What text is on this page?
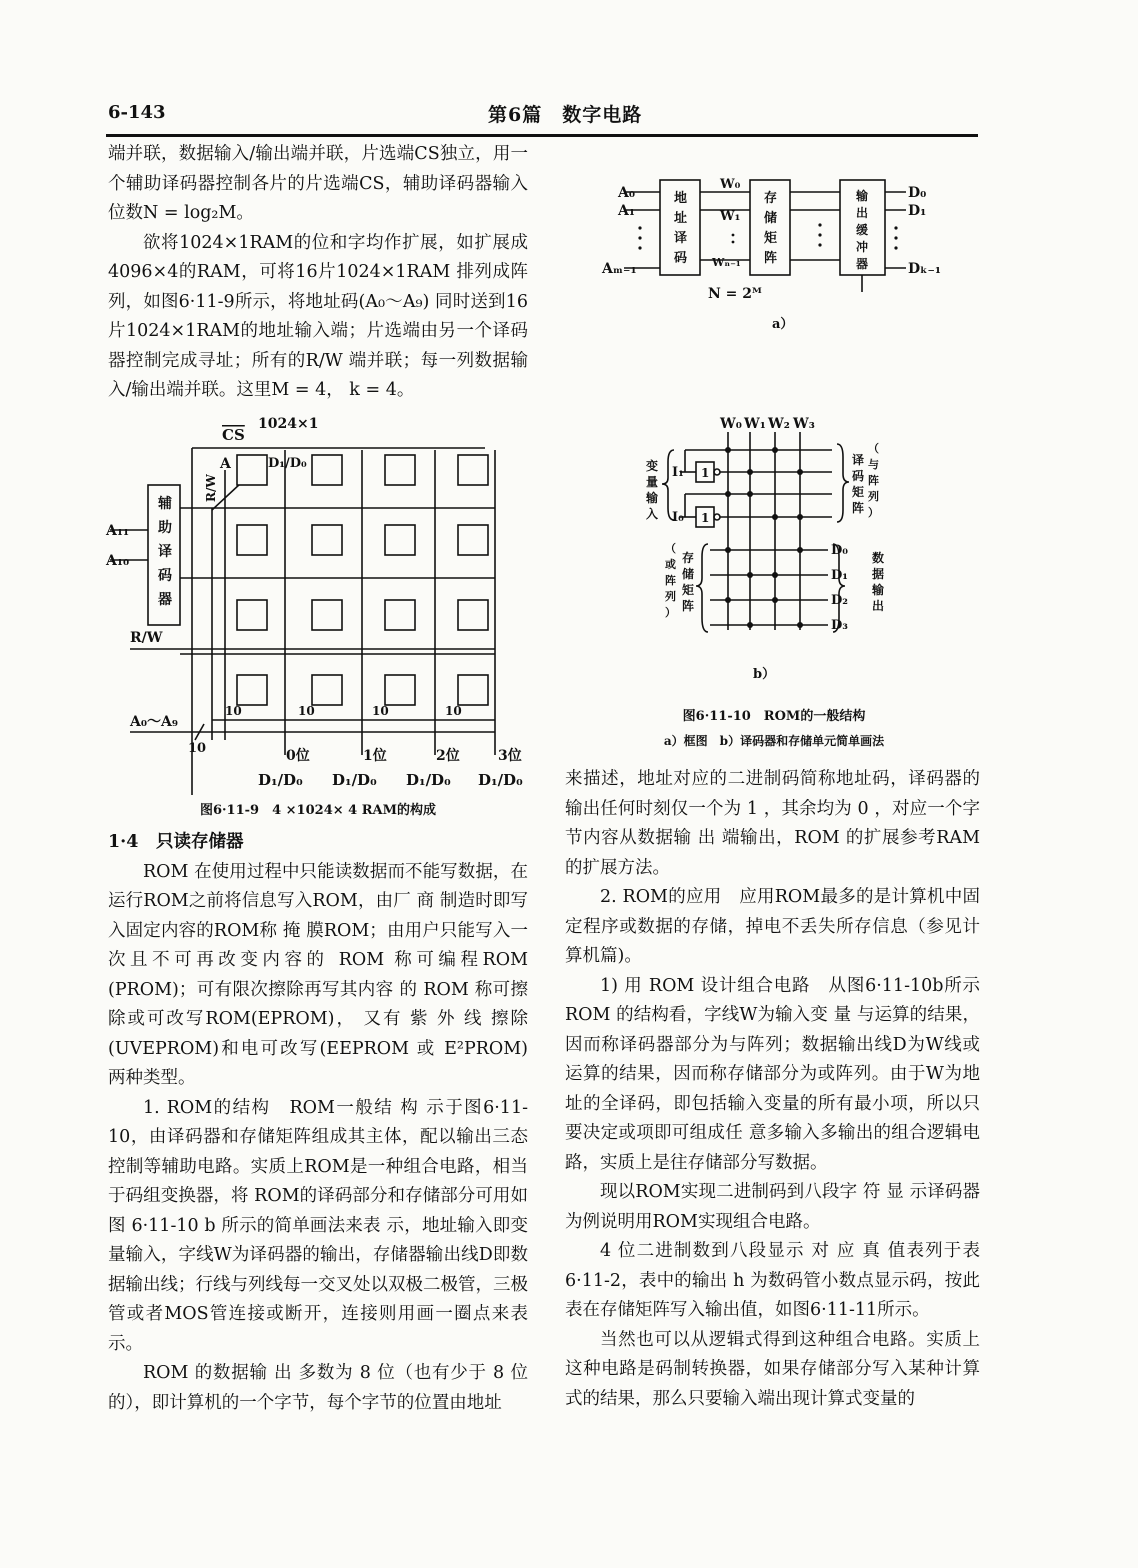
6-143	第6篇　数字电路

端并联，数据输入/输出端并联，片选端CS独立，用一个辅助译码器控制各片的片选端CS，辅助译码器输入位数N = log₂M。

欲将1024×1RAM的位和字均作扩展，如扩展成4096×4的RAM，可将16片1024×1RAM 排列成阵列，如图6·11-9所示，将地址码(A₀～A₉) 同时送到16片1024×1RAM的地址输入端；片选端由另一个译码器控制完成寻址；所有的R/W 端并联；每一列数据输入/输出端并联。这里M = 4， k = 4。

CS
1024×1
A	D₁/D₀
R/W
辅
助
译
码
器
A₁₁
A₁₀
R/W
A₀～A₉
10
10	10	10	10
0位	1位	2位	3位
D₁/D₀ D₁/D₀ D₁/D₀ D₁/D₀
图6·11-9　4 ×1024× 4 RAM的构成

1·4　只读存储器

ROM 在使用过程中只能读数据而不能写数据，在运行ROM之前将信息写入ROM，由厂 商 制造时即写入固定内容的ROM称 掩 膜ROM；由用户只能写入一次且不可再改变内容的 ROM 称可编程ROM (PROM)；可有限次擦除再写其内容 的 ROM 称可擦除或可改写ROM(EPROM)， 又有 紫 外 线 擦除 (UVEPROM)和电可改写(EEPROM 或 E²PROM) 两种类型。

1. ROM的结构　ROM一般结 构 示于图6·11-10，由译码器和存储矩阵组成其主体，配以输出三态控制等辅助电路。实质上ROM是一种组合电路，相当于码组变换器，将 ROM的译码部分和存储部分可用如图 6·11-10 b 所示的简单画法来表 示，地址输入即变量输入，字线W为译码器的输出，存储器输出线D即数据输出线；行线与列线每一交叉处以双极二极管，三极管或者MOS管连接或断开，连接则用画一圈点来表示。

ROM 的数据输 出 多数为 8 位（也有少于 8 位的），即计算机的一个字节，每个字节的位置由地址

A₀
A₁
Aₘ₋₁
地
址
译
码
存
储
矩
阵
输
出
缓
冲
器
W₀
W₁
Wₙ₋₁
D₀
D₁
Dₖ₋₁
N = 2ᴹ
a）
W₀ W₁ W₂ W₃
I₁
I₀
1
1
变
量
输
入
译
码
矩
阵
（
与
阵
列
）
存
储
矩
阵
（
或
阵
列
）
数
据
输
出
D₀
D₁
D₂
D₃
b）
图6·11-10　ROM的一般结构
a）框图　b）译码器和存储单元简单画法

来描述，地址对应的二进制码简称地址码，译码器的输出任何时刻仅一个为 1 ，其余均为 0 ，对应一个字节内容从数据输 出 端输出，ROM 的扩展参考RAM的扩展方法。

2. ROM的应用　应用ROM最多的是计算机中固定程序或数据的存储，掉电不丢失所存信息（参见计算机篇)。

1) 用 ROM 设计组合电路　从图6·11-10b所示ROM 的结构看，字线W为输入变 量 与运算的结果，因而称译码器部分为与阵列；数据输出线D为W线或运算的结果，因而称存储部分为或阵列。由于W为地址的全译码，即包括输入变量的所有最小项，所以只要决定或项即可组成任 意多输入多输出的组合逻辑电路，实质上是往存储部分写数据。

现以ROM实现二进制码到八段字 符 显 示译码器为例说明用ROM实现组合电路。

4 位二进制数到八段显示 对 应 真 值表列于表6·11-2，表中的输出 h 为数码管小数点显示码，按此表在存储矩阵写入输出值，如图6·11-11所示。

当然也可以从逻辑式得到这种组合电路。实质上这种电路是码制转换器，如果存储部分写入某种计算式的结果，那么只要输入端出现计算式变量的
